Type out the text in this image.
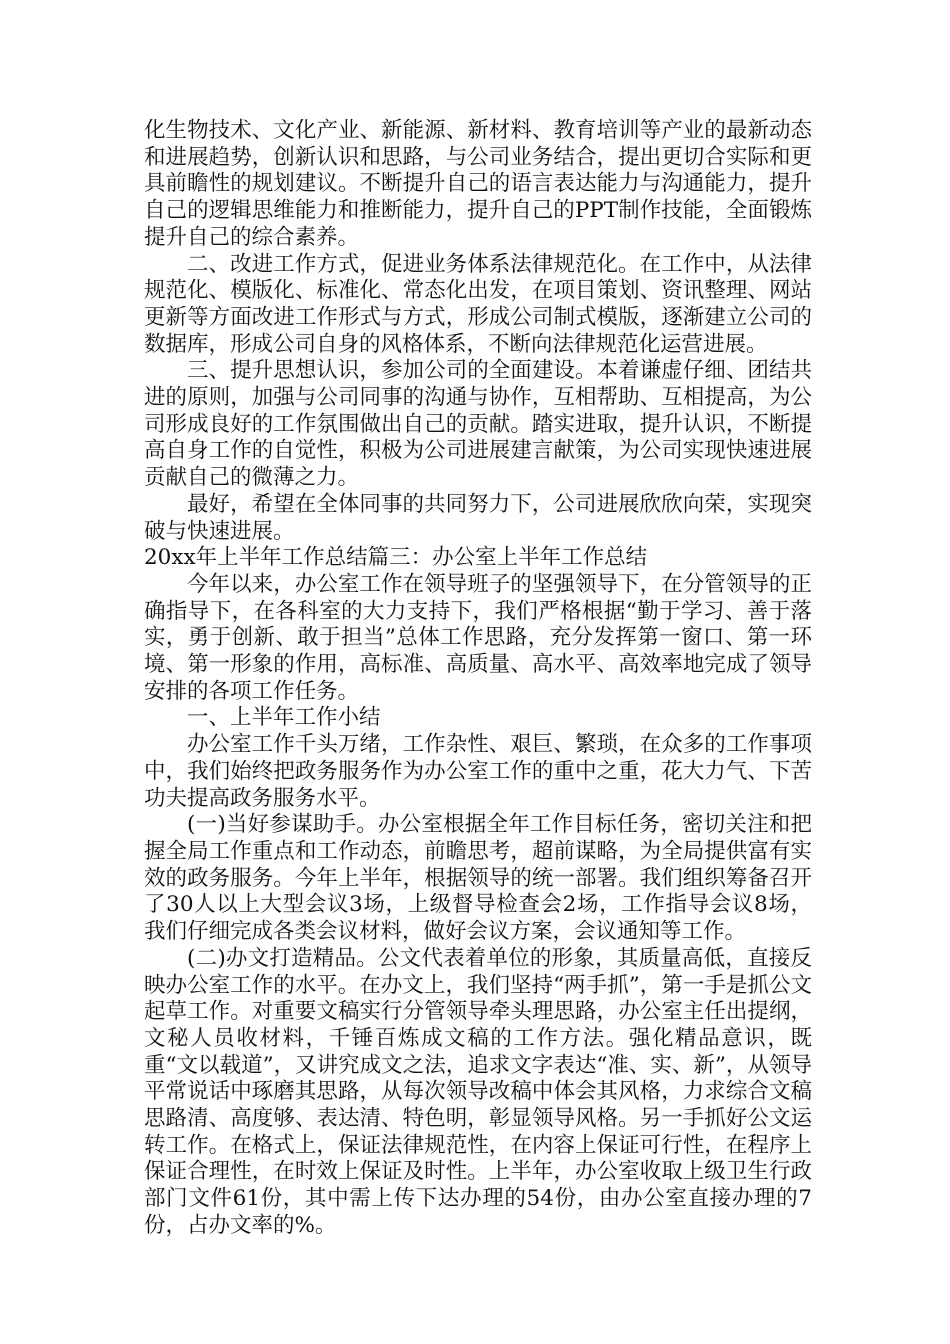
化生物技术、文化产业、新能源、新材料、教育培训等产业的最新动态和进展趋势，创新认识和思路，与公司业务结合，提出更切合实际和更具前瞻性的规划建议。不断提升自己的语言表达能力与沟通能力，提升自己的逻辑思维能力和推断能力，提升自己的PPT制作技能，全面锻炼提升自己的综合素养。

二、改进工作方式，促进业务体系法律规范化。在工作中，从法律规范化、模版化、标准化、常态化出发，在项目策划、资讯整理、网站更新等方面改进工作形式与方式，形成公司制式模版，逐渐建立公司的数据库，形成公司自身的风格体系，不断向法律规范化运营进展。

三、提升思想认识，参加公司的全面建设。本着谦虚仔细、团结共进的原则，加强与公司同事的沟通与协作，互相帮助、互相提高，为公司形成良好的工作氛围做出自己的贡献。踏实进取，提升认识，不断提高自身工作的自觉性，积极为公司进展建言献策，为公司实现快速进展贡献自己的微薄之力。

最好，希望在全体同事的共同努力下，公司进展欣欣向荣，实现突破与快速进展。

20xx年上半年工作总结篇三：办公室上半年工作总结

今年以来，办公室工作在领导班子的坚强领导下，在分管领导的正确指导下，在各科室的大力支持下，我们严格根据“勤于学习、善于落实，勇于创新、敢于担当”总体工作思路，充分发挥第一窗口、第一环境、第一形象的作用，高标准、高质量、高水平、高效率地完成了领导安排的各项工作任务。

一、上半年工作小结

办公室工作千头万绪，工作杂性、艰巨、繁琐，在众多的工作事项中，我们始终把政务服务作为办公室工作的重中之重，花大力气、下苦功夫提高政务服务水平。

(一)当好参谋助手。办公室根据全年工作目标任务，密切关注和把握全局工作重点和工作动态，前瞻思考，超前谋略，为全局提供富有实效的政务服务。今年上半年，根据领导的统一部署。我们组织筹备召开了30人以上大型会议3场，上级督导检查会2场，工作指导会议8场，我们仔细完成各类会议材料，做好会议方案，会议通知等工作。

(二)办文打造精品。公文代表着单位的形象，其质量高低，直接反映办公室工作的水平。在办文上，我们坚持“两手抓”，第一手是抓公文起草工作。对重要文稿实行分管领导牵头理思路，办公室主任出提纲，文秘人员收材料，千锤百炼成文稿的工作方法。强化精品意识，既重“文以载道”，又讲究成文之法，追求文字表达“准、实、新”，从领导平常说话中琢磨其思路，从每次领导改稿中体会其风格，力求综合文稿思路清、高度够、表达清、特色明，彰显领导风格。另一手抓好公文运转工作。在格式上，保证法律规范性，在内容上保证可行性，在程序上保证合理性，在时效上保证及时性。上半年，办公室收取上级卫生行政部门文件61份，其中需上传下达办理的54份，由办公室直接办理的7份，占办文率的%。
